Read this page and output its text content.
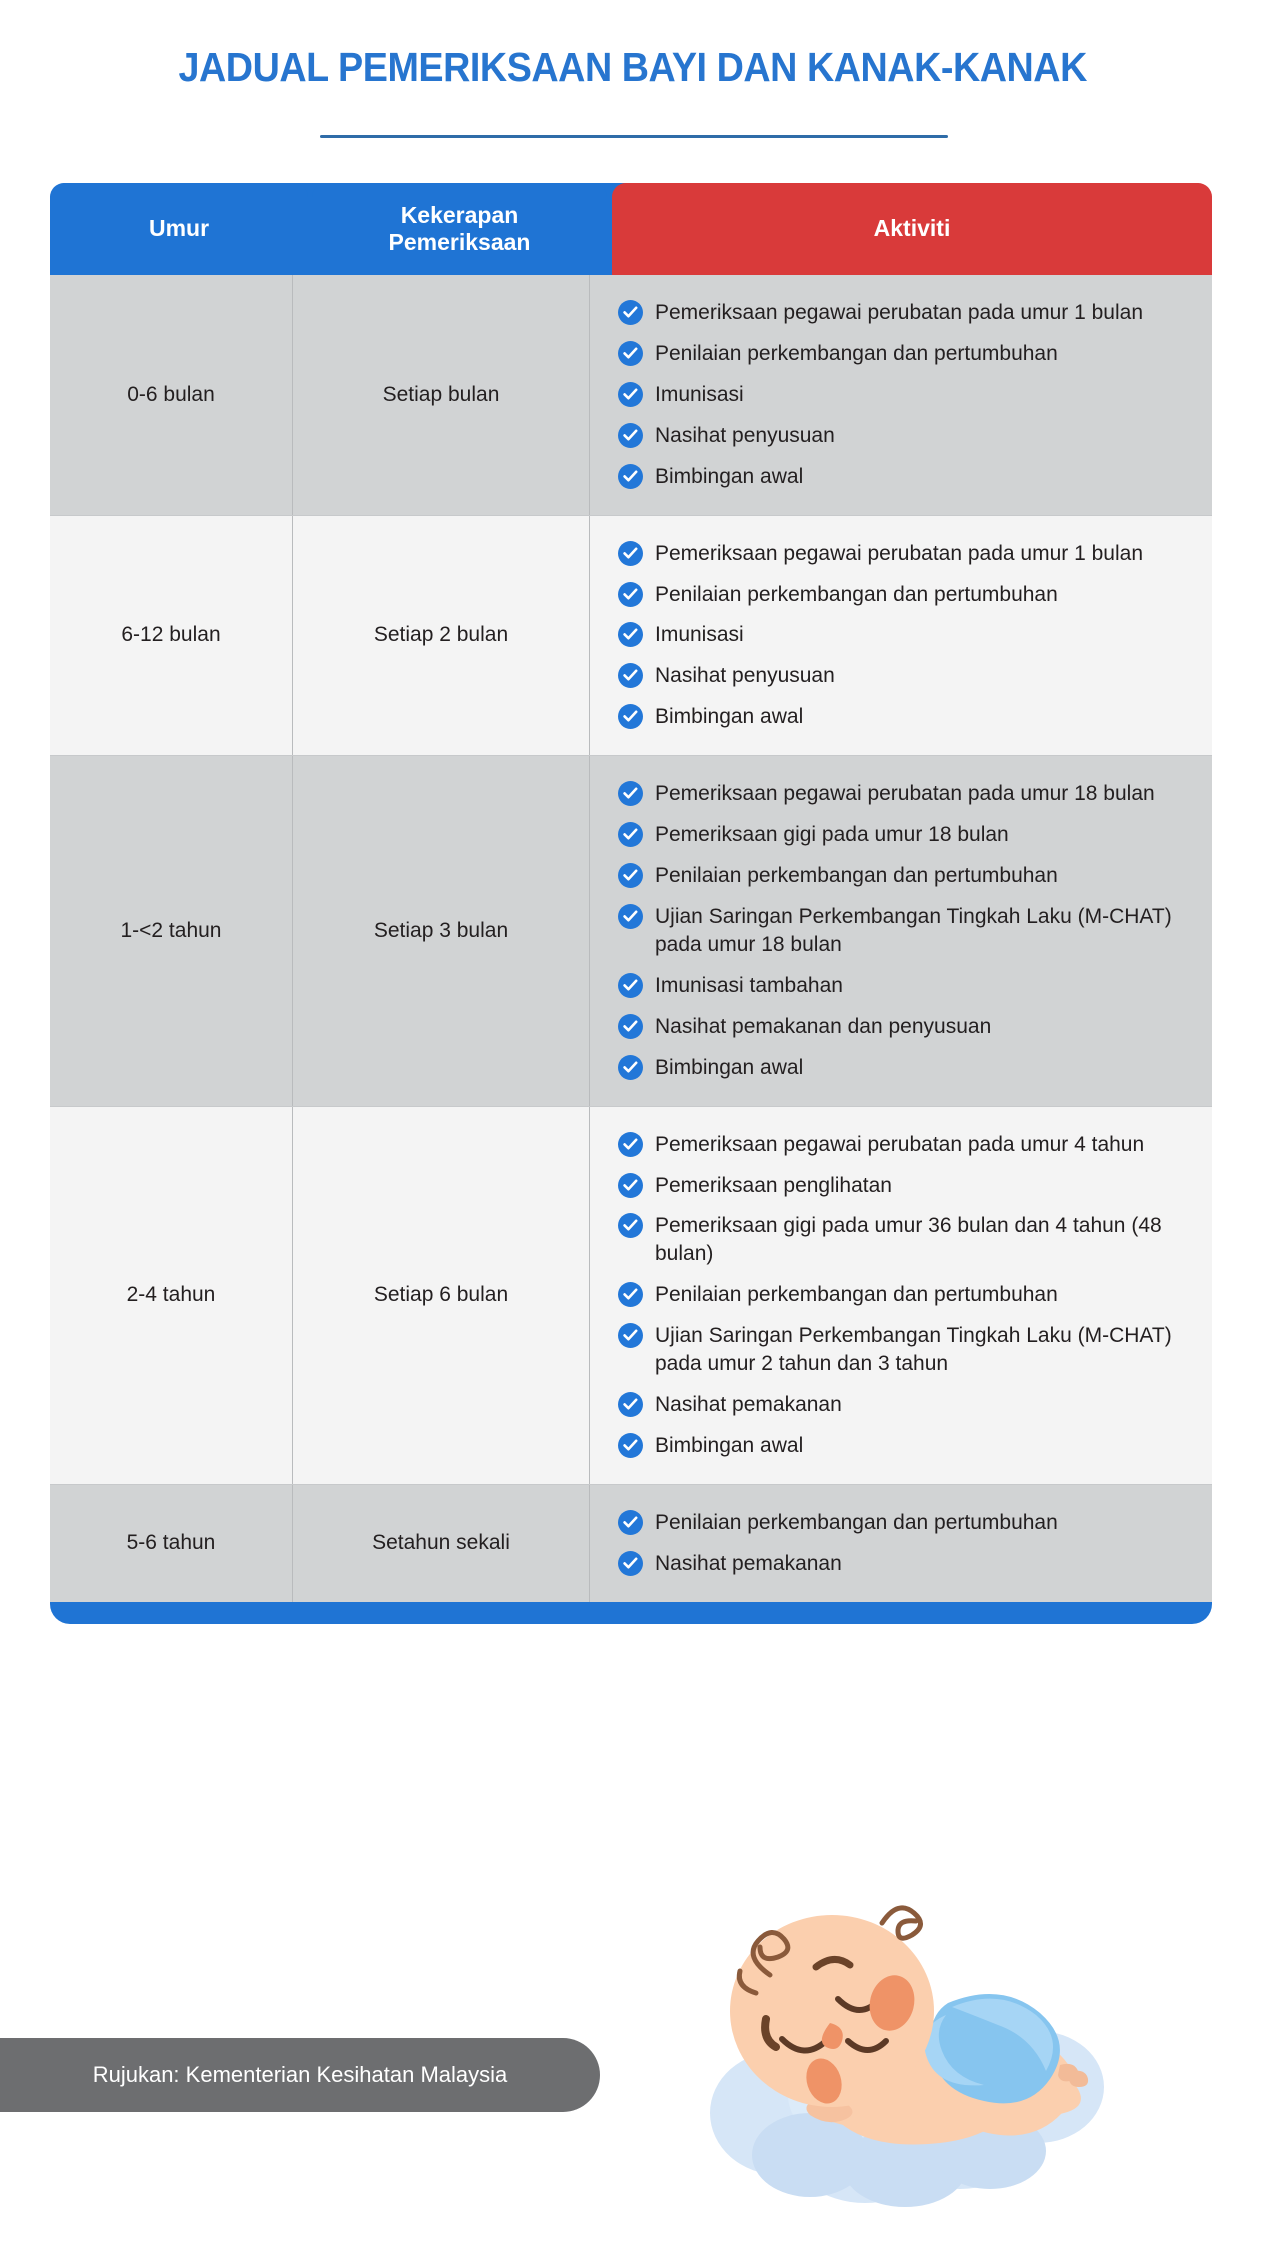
JADUAL PEMERIKSAAN BAYI DAN KANAK-KANAK
Umur
Kekerapan
Pemeriksaan
Aktiviti
0-6 bulan	Setiap bulan
Pemeriksaan pegawai perubatan pada umur 1 bulan
Penilaian perkembangan dan pertumbuhan
Imunisasi
Nasihat penyusuan
Bimbingan awal
6-12 bulan	Setiap 2 bulan
Pemeriksaan pegawai perubatan pada umur 1 bulan
Penilaian perkembangan dan pertumbuhan
Imunisasi
Nasihat penyusuan
Bimbingan awal
1-<2 tahun	Setiap 3 bulan
Pemeriksaan pegawai perubatan pada umur 18 bulan
Pemeriksaan gigi pada umur 18 bulan
Penilaian perkembangan dan pertumbuhan
Ujian Saringan Perkembangan Tingkah Laku (M-CHAT) pada umur 18 bulan
Imunisasi tambahan
Nasihat pemakanan dan penyusuan
Bimbingan awal
2-4 tahun	Setiap 6 bulan
Pemeriksaan pegawai perubatan pada umur 4 tahun
Pemeriksaan penglihatan
Pemeriksaan gigi pada umur 36 bulan dan 4 tahun (48 bulan)
Penilaian perkembangan dan pertumbuhan
Ujian Saringan Perkembangan Tingkah Laku (M-CHAT) pada umur 2 tahun dan 3 tahun
Nasihat pemakanan
Bimbingan awal
5-6 tahun	Setahun sekali
Penilaian perkembangan dan pertumbuhan
Nasihat pemakanan
Rujukan: Kementerian Kesihatan Malaysia
